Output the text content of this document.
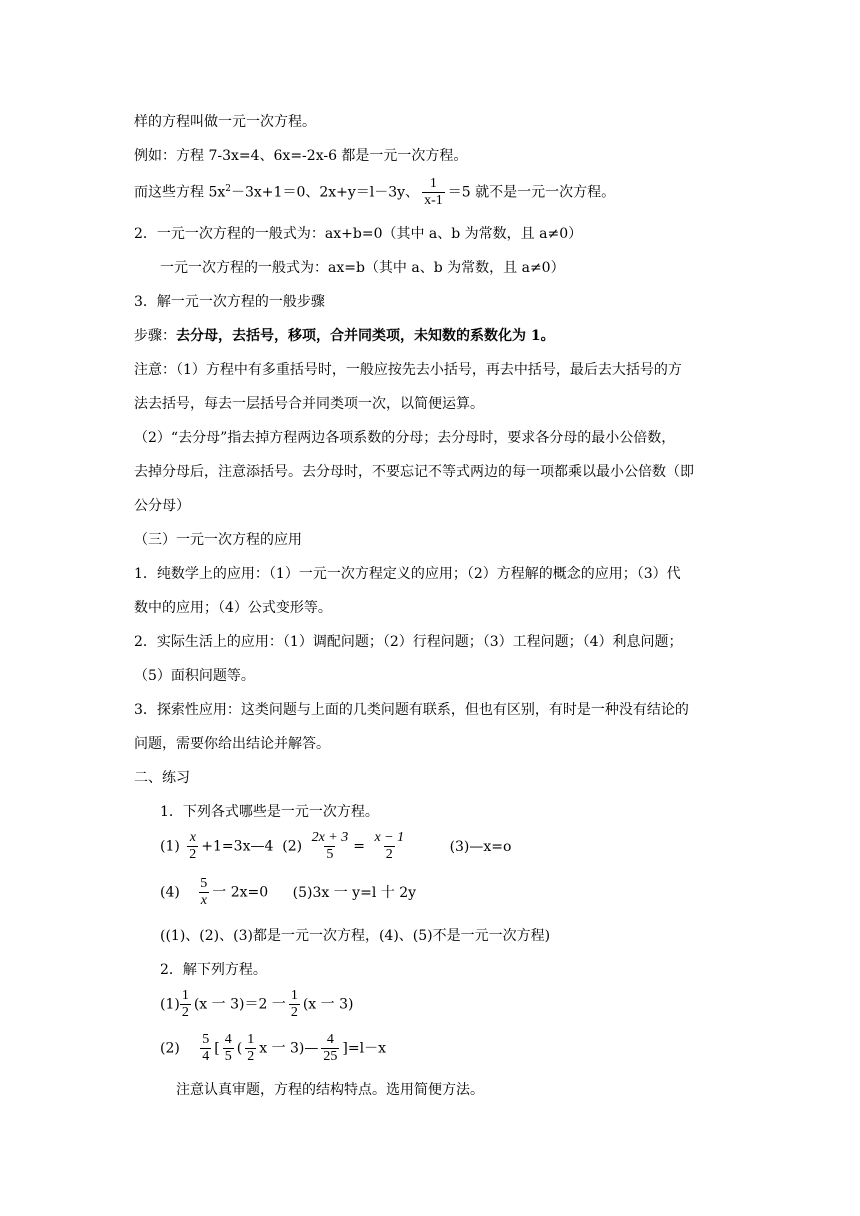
样的方程叫做一元一次方程。
例如：方程 7-3x=4、6x=-2x-6 都是一元一次方程。
而这些方程 $5x^2-3x+1=0$、2x+y＝l－3y、 $\frac{1}{x-1} =5$ 就不是一元一次方程。
2．一元一次方程的一般式为：ax+b=0（其中 a、b 为常数，且 a≠0）
一元一次方程的一般式为：ax=b（其中 a、b 为常数，且 a≠0）
3．解一元一次方程的一般步骤
步骤：去分母，去括号，移项，合并同类项，未知数的系数化为 1。
注意：（1）方程中有多重括号时，一般应按先去小括号，再去中括号，最后去大括号的方
法去括号，每去一层括号合并同类项一次，以简便运算。
（2）“去分母”指去掉方程两边各项系数的分母；去分母时，要求各分母的最小公倍数，
去掉分母后，注意添括号。去分母时，不要忘记不等式两边的每一项都乘以最小公倍数（即
公分母）
（三）一元一次方程的应用
1．纯数学上的应用：（1）一元一次方程定义的应用；（2）方程解的概念的应用；（3）代
数中的应用；（4）公式变形等。
2．实际生活上的应用：（1）调配问题；（2）行程问题；（3）工程问题；（4）利息问题；
（5）面积问题等。
3．探索性应用：这类问题与上面的几类问题有联系，但也有区别，有时是一种没有结论的
问题，需要你给出结论并解答。
二、练习
1．下列各式哪些是一元一次方程。
$(1) \frac{x}{2}$ +1=3x—4 $(2) \frac{2x + 3}{5} = \frac{x - 1}{2}$	(3)—x=o
$(4) \frac{5}{x}$ 一 2x=0 (5)3x 一 y=l 十 2y
((1)、(2)、(3)都是一元一次方程，(4)、(5)不是一元一次方程)
2．解下列方程。
$(1) \frac{1}{2} (x$ 一 3)＝2 一 $\frac{1}{2} (x$ 一 3)
$(2) \frac{5}{4}$ [ $\frac{4}{5}$ ( $\frac{1}{2}$ x 一 3)— $\frac{4}{25} ]=l-x$
注意认真审题，方程的结构特点。选用简便方法。
